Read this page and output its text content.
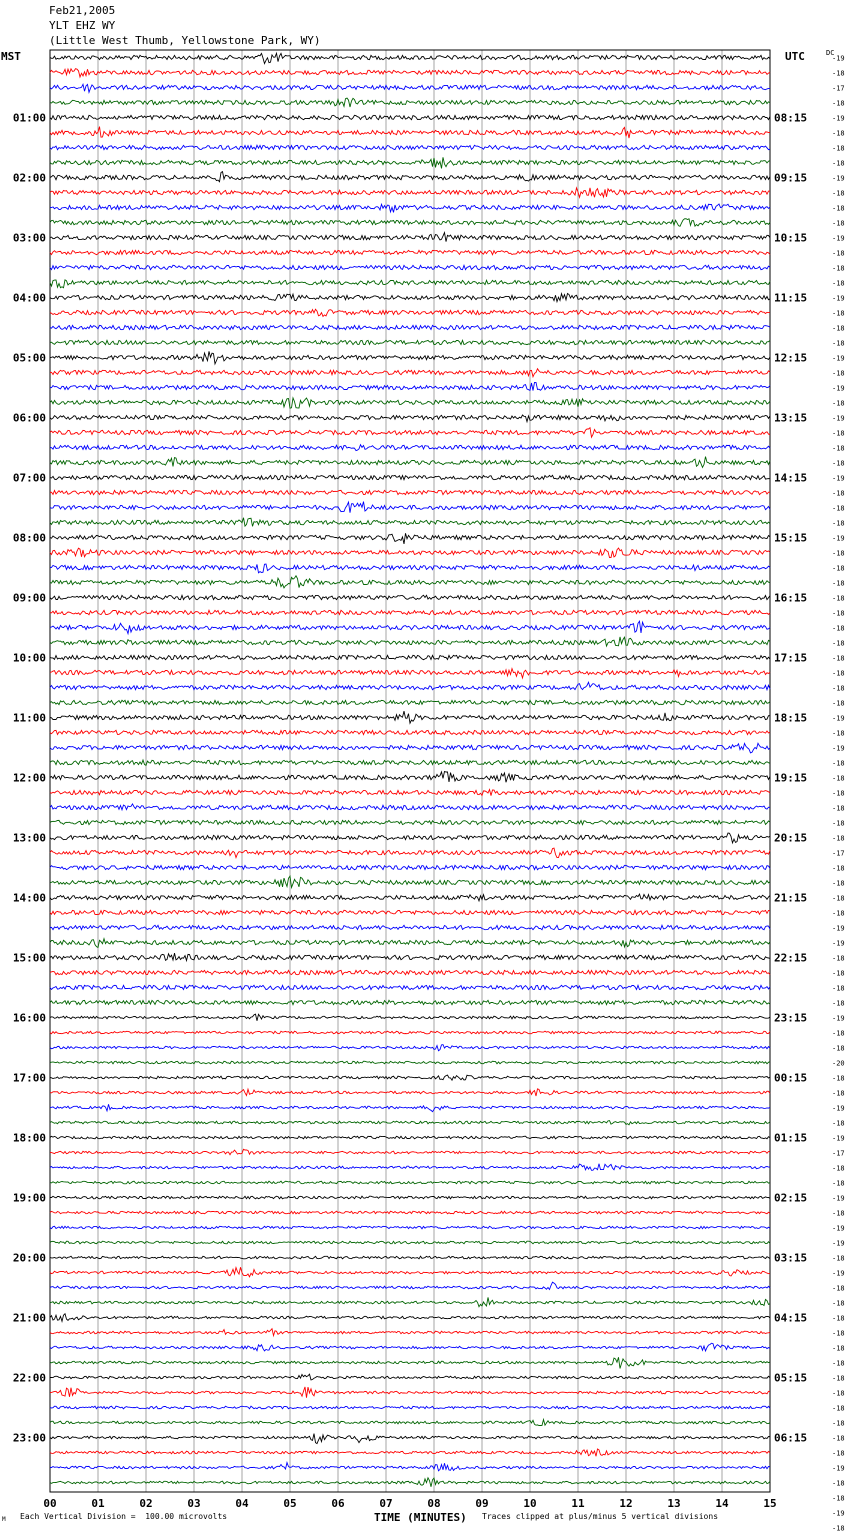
Feb21,2005
YLT EHZ WY
(Little West Thumb, Yellowstone Park, WY)
MST	UTC	DC
01:00
02:00
03:00
04:00
05:00
06:00
07:00
08:00
09:00
10:00
11:00
12:00
13:00
14:00
15:00
16:00
17:00
18:00
19:00
20:00
21:00
22:00
23:00
08:15
09:15
10:15
11:15
12:15
13:15
14:15
15:15
16:15
17:15
18:15
19:15
20:15
21:15
22:15
23:15
00:15
01:15
02:15
03:15
04:15
05:15
06:15
-19
-18
-17
-18
-19
-18
-18
-18
-19
-18
-18
-18
-19
-18
-18
-18
-19
-18
-18
-18
-19
-18
-19
-18
-19
-18
-18
-18
-19
-18
-18
-18
-19
-18
-18
-18
-18
-18
-18
-18
-18
-18
-18
-18
-19
-18
-19
-18
-18
-18
-18
-18
-18
-17
-18
-18
-18
-18
-19
-19
-18
-18
-18
-18
-19
-18
-18
-20
-18
-18
-19
-18
-19
-17
-18
-18
-19
-18
-19
-19
-18
-19
-18
-18
-18
-18
-18
-18
-18
-18
-18
-18
-18
-18
-19
-18
-18
-19
-18
00	01	02	03	04	05	06	07	08	09	10	11	12	13	14	15
M Each Vertical Division =  100.00 microvolts	TIME (MINUTES) Traces clipped at plus/minus 5 vertical divisions
